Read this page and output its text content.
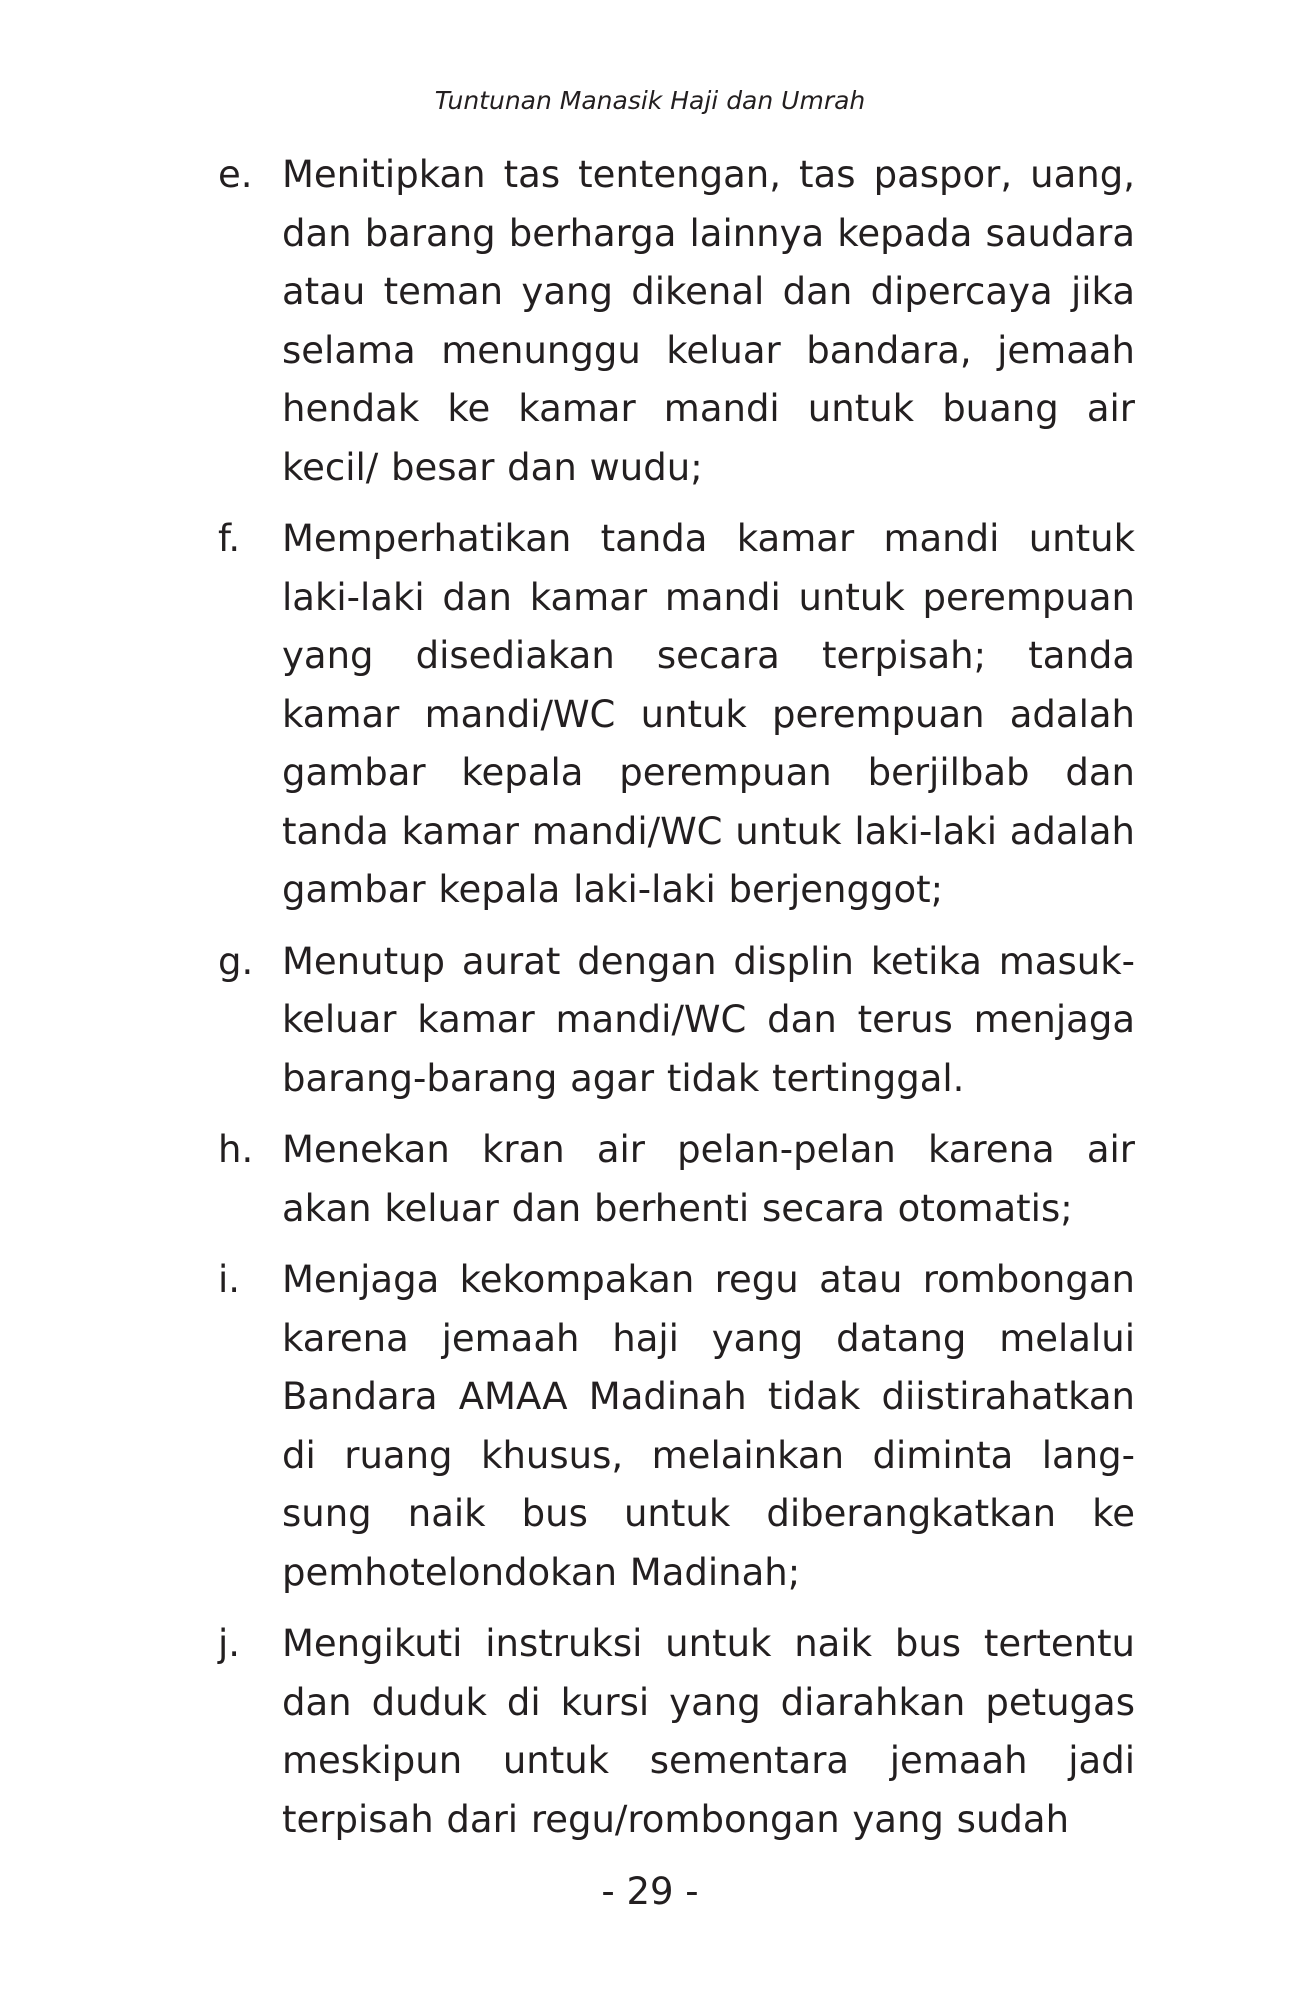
Tuntunan Manasik Haji dan Umrah
e. Menitipkan tas tentengan, tas paspor, uang, dan barang berharga lainnya kepada saudara atau teman yang dikenal dan dipercaya jika selama menunggu keluar bandara, jemaah hendak ke kamar mandi untuk buang air kecil/ besar dan wudu;
f.	Memperhatikan tanda kamar mandi untuk laki-laki dan kamar mandi untuk perempuan yang disediakan secara terpisah; tanda kamar mandi/WC untuk perempuan adalah gambar kepala perempuan berjilbab dan tanda kamar mandi/WC untuk laki-laki adalah gambar kepala laki-laki berjenggot;
g. Menutup aurat dengan displin ketika masuk-keluar kamar mandi/WC dan terus menjaga barang-barang agar tidak tertinggal.
h. Menekan kran air pelan-pelan karena air akan keluar dan berhenti secara otomatis;
i.	Menjaga kekompakan regu atau rombongan karena jemaah haji yang datang melalui Bandara AMAA Madinah tidak diistirahatkan di ruang khusus, melainkan diminta lang-sung naik bus untuk diberangkatkan ke pemhotelondokan Madinah;
j.	Mengikuti instruksi untuk naik bus tertentu dan duduk di kursi yang diarahkan petugas meskipun untuk sementara jemaah jadi terpisah dari regu/rombongan yang sudah
- 29 -
